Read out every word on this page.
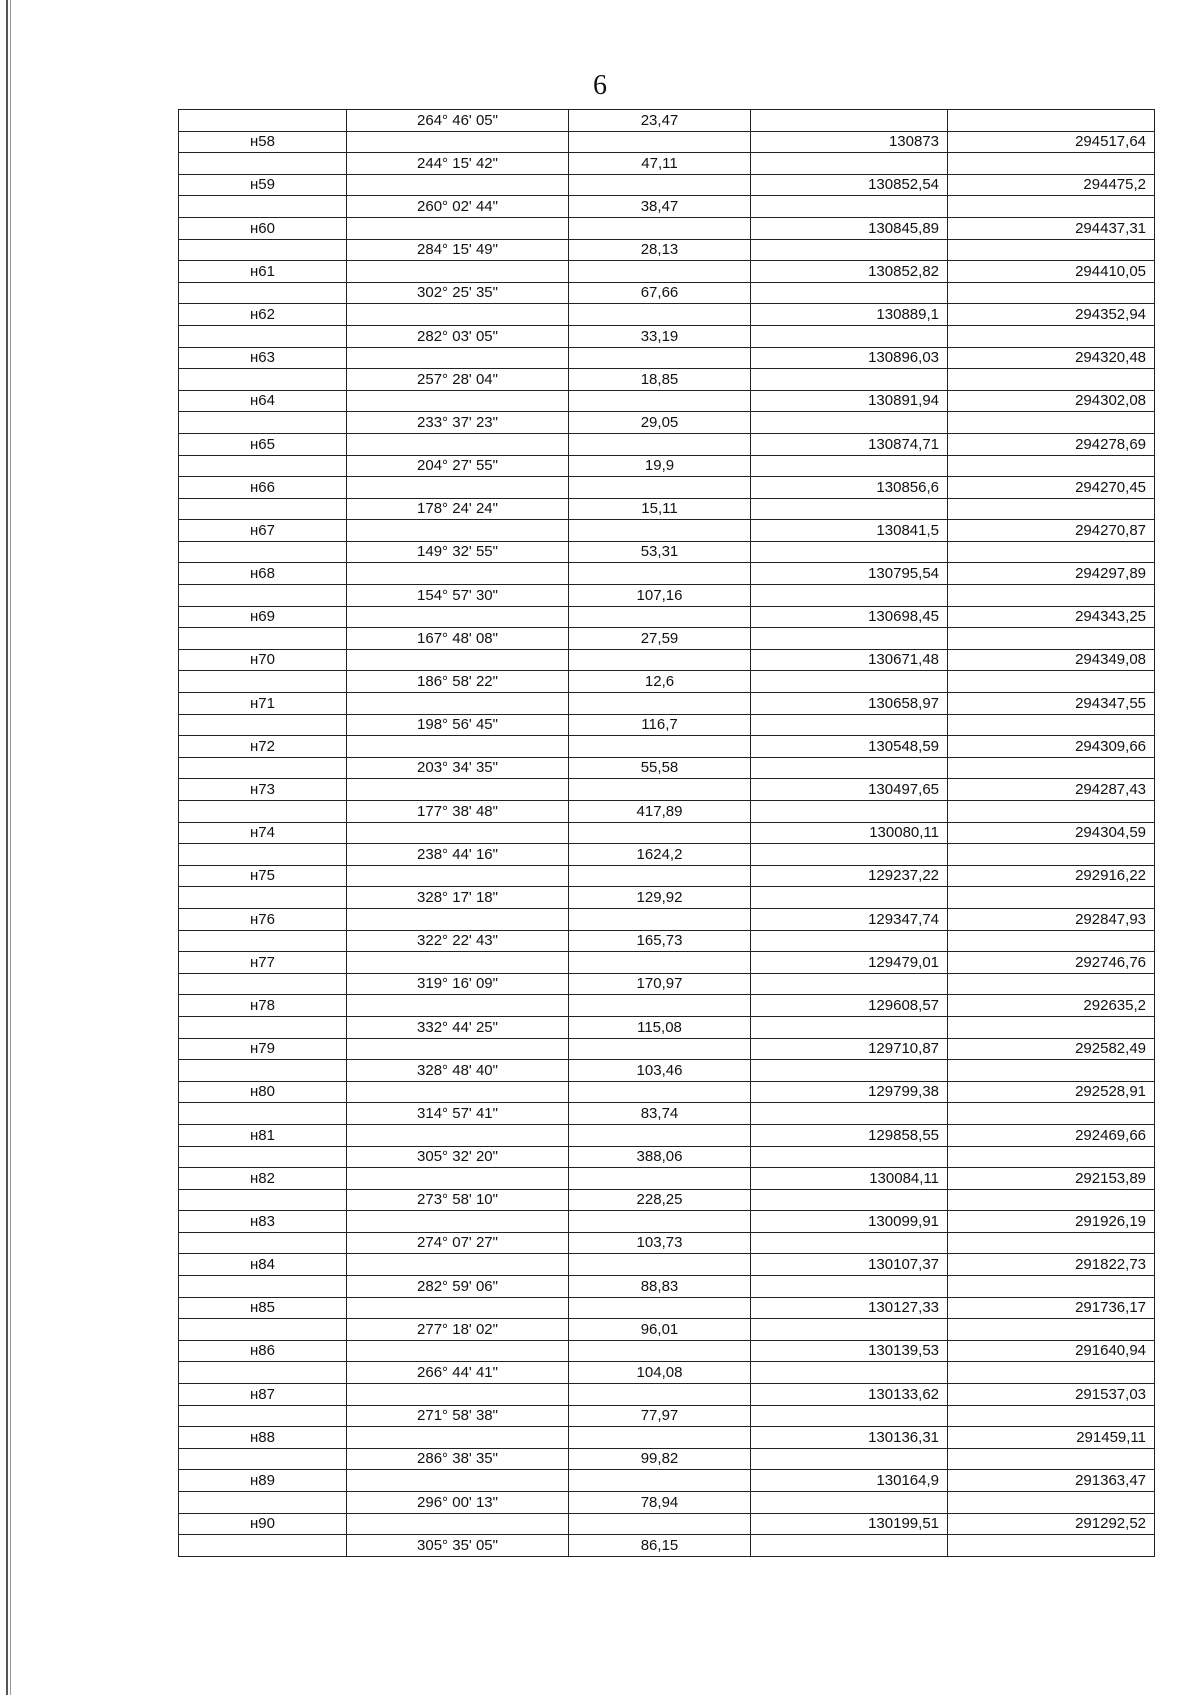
6
	264° 46' 05"	23,47		
н58			130873	294517,64
	244° 15' 42"	47,11		
н59			130852,54	294475,2
	260° 02' 44"	38,47		
н60			130845,89	294437,31
	284° 15' 49"	28,13		
н61			130852,82	294410,05
	302° 25' 35"	67,66		
н62			130889,1	294352,94
	282° 03' 05"	33,19		
н63			130896,03	294320,48
	257° 28' 04"	18,85		
н64			130891,94	294302,08
	233° 37' 23"	29,05		
н65			130874,71	294278,69
	204° 27' 55"	19,9		
н66			130856,6	294270,45
	178° 24' 24"	15,11		
н67			130841,5	294270,87
	149° 32' 55"	53,31		
н68			130795,54	294297,89
	154° 57' 30"	107,16		
н69			130698,45	294343,25
	167° 48' 08"	27,59		
н70			130671,48	294349,08
	186° 58' 22"	12,6		
н71			130658,97	294347,55
	198° 56' 45"	116,7		
н72			130548,59	294309,66
	203° 34' 35"	55,58		
н73			130497,65	294287,43
	177° 38' 48"	417,89		
н74			130080,11	294304,59
	238° 44' 16"	1624,2		
н75			129237,22	292916,22
	328° 17' 18"	129,92		
н76			129347,74	292847,93
	322° 22' 43"	165,73		
н77			129479,01	292746,76
	319° 16' 09"	170,97		
н78			129608,57	292635,2
	332° 44' 25"	115,08		
н79			129710,87	292582,49
	328° 48' 40"	103,46		
н80			129799,38	292528,91
	314° 57' 41"	83,74		
н81			129858,55	292469,66
	305° 32' 20"	388,06		
н82			130084,11	292153,89
	273° 58' 10"	228,25		
н83			130099,91	291926,19
	274° 07' 27"	103,73		
н84			130107,37	291822,73
	282° 59' 06"	88,83		
н85			130127,33	291736,17
	277° 18' 02"	96,01		
н86			130139,53	291640,94
	266° 44' 41"	104,08		
н87			130133,62	291537,03
	271° 58' 38"	77,97		
н88			130136,31	291459,11
	286° 38' 35"	99,82		
н89			130164,9	291363,47
	296° 00' 13"	78,94		
н90			130199,51	291292,52
	305° 35' 05"	86,15		
